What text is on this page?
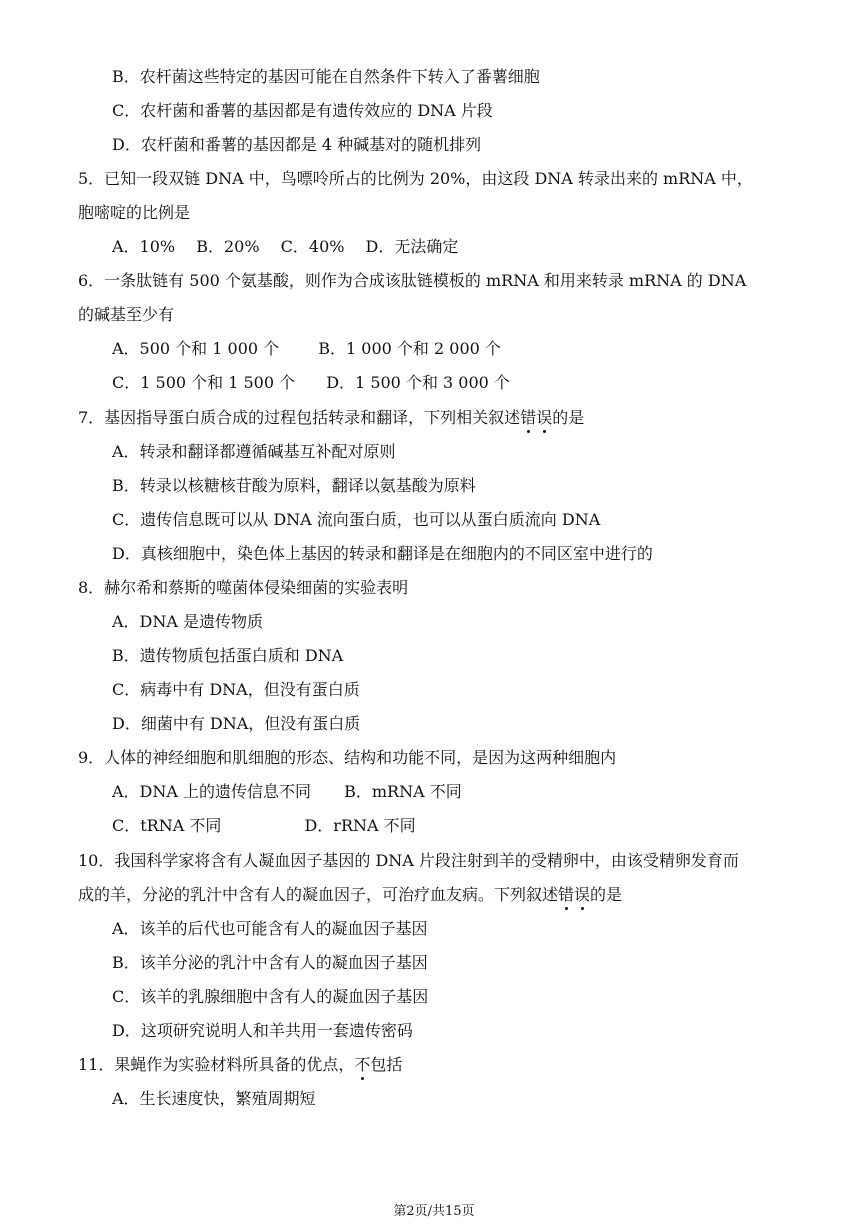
B．农杆菌这些特定的基因可能在自然条件下转入了番薯细胞
C．农杆菌和番薯的基因都是有遗传效应的 DNA 片段
D．农杆菌和番薯的基因都是 4 种碱基对的随机排列
5．已知一段双链 DNA 中，鸟嘌呤所占的比例为 20%，由这段 DNA 转录出来的 mRNA 中，
胞嘧啶的比例是
A．10% B．20% C．40% D．无法确定
6．一条肽链有 500 个氨基酸，则作为合成该肽链模板的 mRNA 和用来转录 mRNA 的 DNA
的碱基至少有
A．500 个和 1 000 个 B．1 000 个和 2 000 个
C．1 500 个和 1 500 个 D．1 500 个和 3 000 个
7．基因指导蛋白质合成的过程包括转录和翻译，下列相关叙述错误的是
A．转录和翻译都遵循碱基互补配对原则
B．转录以核糖核苷酸为原料，翻译以氨基酸为原料
C．遗传信息既可以从 DNA 流向蛋白质，也可以从蛋白质流向 DNA
D．真核细胞中，染色体上基因的转录和翻译是在细胞内的不同区室中进行的
8．赫尔希和蔡斯的噬菌体侵染细菌的实验表明
A．DNA 是遗传物质
B．遗传物质包括蛋白质和 DNA
C．病毒中有 DNA，但没有蛋白质
D．细菌中有 DNA，但没有蛋白质
9．人体的神经细胞和肌细胞的形态、结构和功能不同，是因为这两种细胞内
A．DNA 上的遗传信息不同 B．mRNA 不同
C．tRNA 不同	D．rRNA 不同
10．我国科学家将含有人凝血因子基因的 DNA 片段注射到羊的受精卵中，由该受精卵发育而
成的羊，分泌的乳汁中含有人的凝血因子，可治疗血友病。下列叙述错误的是
A．该羊的后代也可能含有人的凝血因子基因
B．该羊分泌的乳汁中含有人的凝血因子基因
C．该羊的乳腺细胞中含有人的凝血因子基因
D．这项研究说明人和羊共用一套遗传密码
11．果蝇作为实验材料所具备的优点，不包括
A．生长速度快，繁殖周期短
第2页/共15页
